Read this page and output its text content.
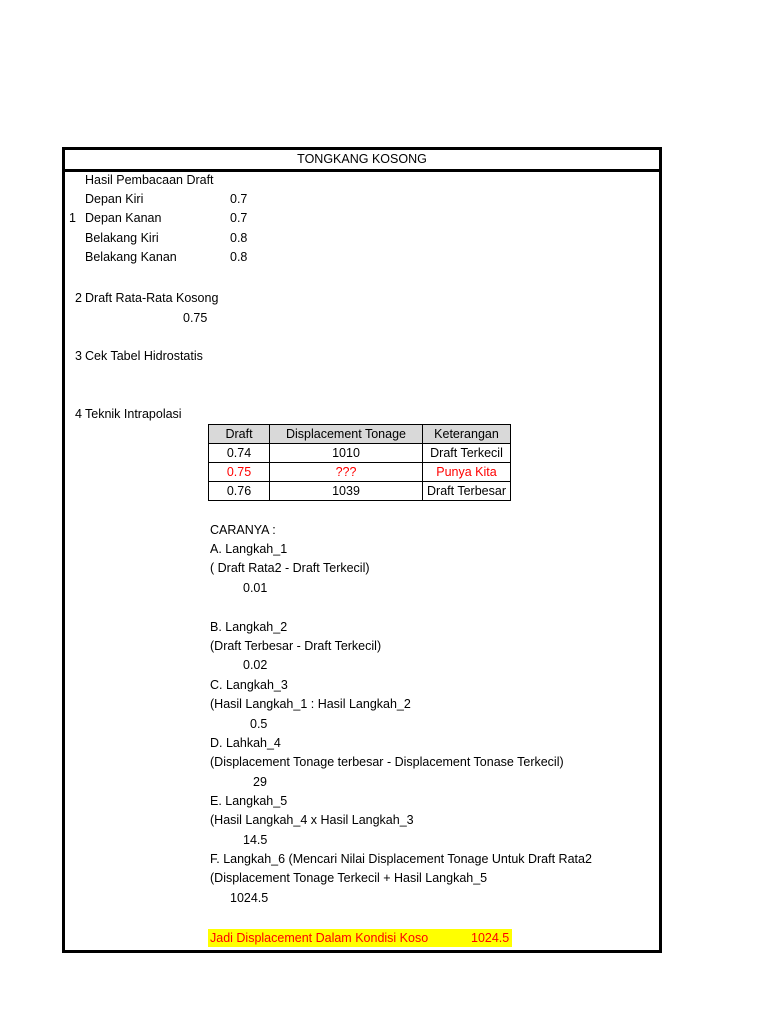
TONGKANG KOSONG
Hasil Pembacaan Draft
1
Depan Kiri	0.7
Depan Kanan	0.7
Belakang Kiri	0.8
Belakang Kanan	0.8
2 Draft Rata-Rata Kosong
0.75
3 Cek Tabel Hidrostatis
4 Teknik Intrapolasi
Draft	Displacement Tonage	Keterangan
0.74	1010	Draft Terkecil
0.75	???	Punya Kita
0.76	1039	Draft Terbesar
CARANYA :
A. Langkah_1
( Draft Rata2 - Draft Terkecil)
0.01
B. Langkah_2
(Draft Terbesar - Draft Terkecil)
0.02
C. Langkah_3
(Hasil Langkah_1 : Hasil Langkah_2
0.5
D. Lahkah_4
(Displacement Tonage terbesar - Displacement Tonase Terkecil)
29
E. Langkah_5
(Hasil Langkah_4 x Hasil Langkah_3
14.5
F. Langkah_6 (Mencari Nilai Displacement Tonage Untuk Draft Rata2
(Displacement Tonage Terkecil + Hasil Langkah_5
1024.5
Jadi Displacement Dalam Kondisi Koso	1024.5
